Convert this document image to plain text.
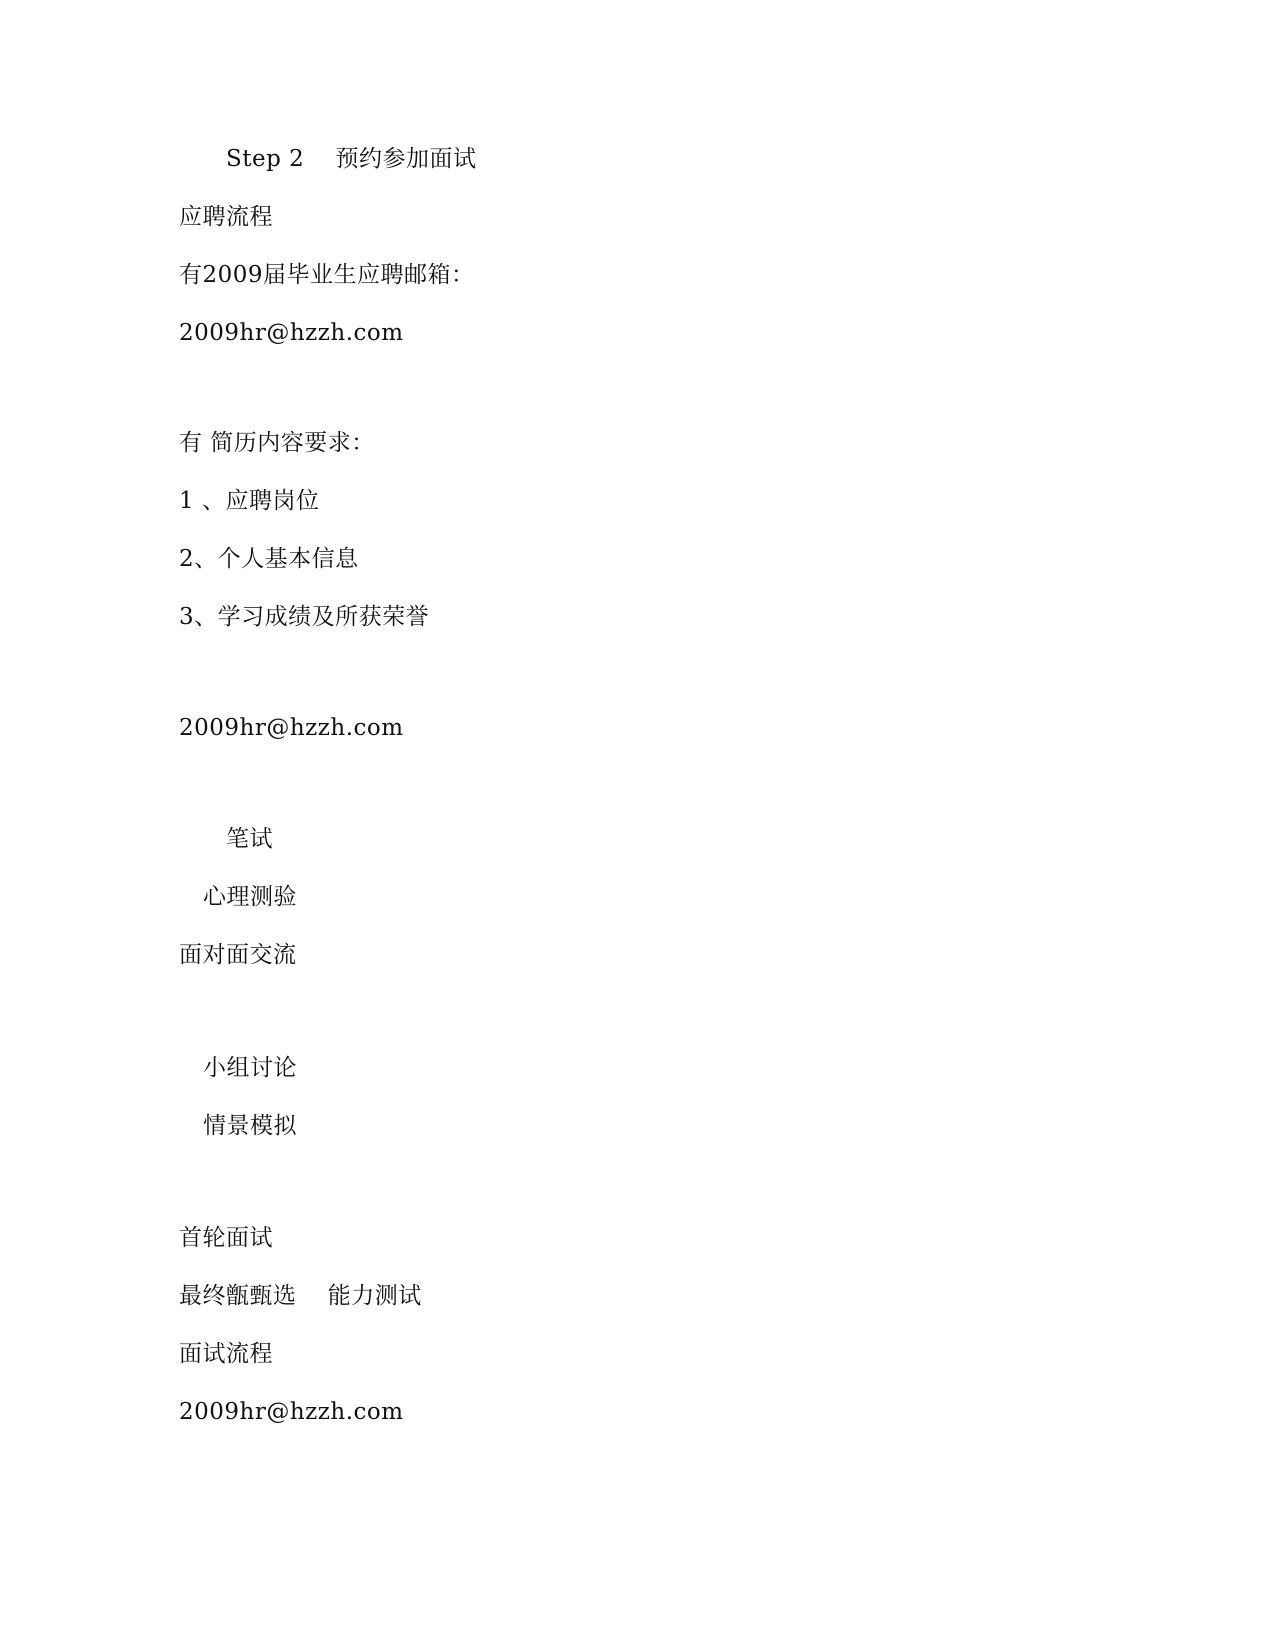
Step 2    预约参加面试
应聘流程
有2009届毕业生应聘邮箱：
2009hr@hzzh.com
有 简历内容要求：
1 、应聘岗位
2、个人基本信息
3、学习成绩及所获荣誉
2009hr@hzzh.com
笔试
心理测验
面对面交流
小组讨论
情景模拟
首轮面试
最终甑甄选    能力测试
面试流程
2009hr@hzzh.com
